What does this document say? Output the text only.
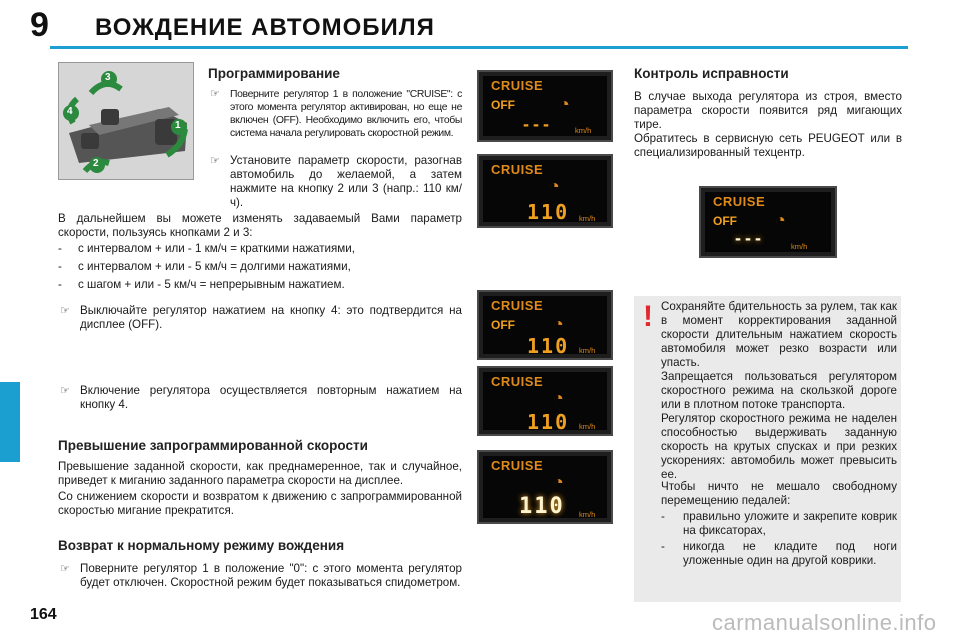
9 ВОЖДЕНИЕ АВТОМОБИЛЯ
3
4
1
2
Программирование
☞ Поверните регулятор 1 в положение "CRUISE": с этого момента регулятор активирован, но еще не включен (OFF). Необходимо включить его, чтобы система начала регулировать скоростной режим.
☞ Установите параметр скорости, разогнав автомобиль до желаемой, а затем нажмите на кнопку 2 или 3 (напр.: 110 км/ч).
В дальнейшем вы можете изменять задаваемый Вами параметр скорости, пользуясь кнопками 2 и 3:
- с интервалом + или - 1 км/ч = краткими нажатиями,
- с интервалом + или - 5 км/ч = долгими нажатиями,
- с шагом + или - 5 км/ч = непрерывным нажатием.
☞ Выключайте регулятор нажатием на кнопку 4: это подтвердится на дисплее (OFF).
☞ Включение регулятора осуществляется повторным нажатием на кнопку 4.
Превышение запрограммированной скорости
Превышение заданной скорости, как преднамеренное, так и случайное, приведет к миганию заданного параметра скорости на дисплее.
Со снижением скорости и возвратом к движению с запрограммированной скоростью мигание прекратится.
Возврат к нормальному режиму вождения
☞ Поверните регулятор 1 в положение "0": с этого момента регулятор будет отключен. Скоростной режим будет показываться спидометром.
CRUISE
OFF ◔
---	km/h
CRUISE
◔
110 km/h
CRUISE
OFF ◔
110 km/h
CRUISE
◔
110 km/h
CRUISE
◔
110 km/h
Контроль исправности
В случае выхода регулятора из строя, вместо параметра скорости появится ряд мигающих тире.
Обратитесь в сервисную сеть PEUGEOT или в специализированный техцентр.
CRUISE
OFF ◔
---	km/h
! Сохраняйте бдительность за рулем, так как в момент корректирования заданной скорости длительным нажатием скорость автомобиля может резко возрасти или упасть.
Запрещается пользоваться регулятором скоростного режима на скользкой дороге или в плотном потоке транспорта.
Регулятор скоростного режима не наделен способностью выдерживать заданную скорость на крутых спусках и при резких ускорениях: автомобиль может превысить ее.
Чтобы ничто не мешало свободному перемещению педалей:
- правильно уложите и закрепите коврик на фиксаторах,
- никогда не кладите под ноги уложенные один на другой коврики.
164	carmanualsonline.info
